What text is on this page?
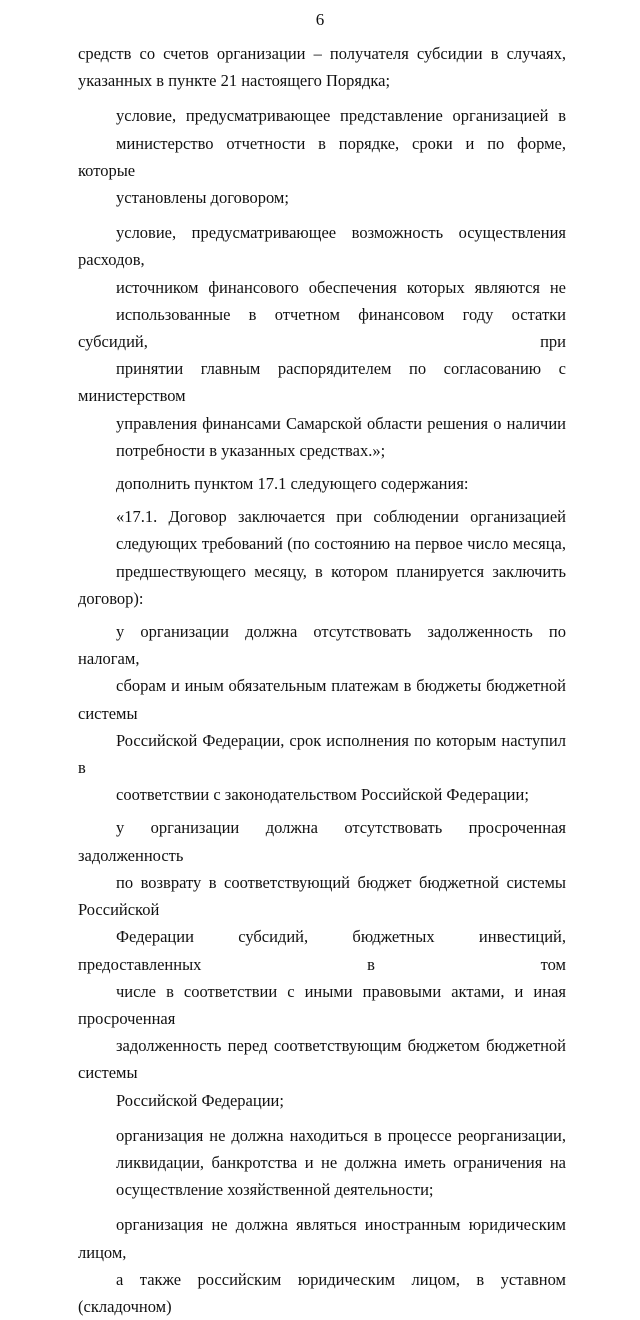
6
средств со счетов организации – получателя субсидии в случаях,
указанных в пункте 21 настоящего Порядка;
условие, предусматривающее представление организацией в
министерство отчетности в порядке, сроки и по форме, которые
установлены договором;
условие, предусматривающее возможность осуществления расходов,
источником финансового обеспечения которых являются не
использованные в отчетном финансовом году остатки субсидий, при
принятии главным распорядителем по согласованию с министерством
управления финансами Самарской области решения о наличии
потребности в указанных средствах.»;
дополнить пунктом 17.1 следующего содержания:
«17.1. Договор заключается при соблюдении организацией
следующих требований (по состоянию на первое число месяца,
предшествующего месяцу, в котором планируется заключить договор):
у организации должна отсутствовать задолженность по налогам,
сборам и иным обязательным платежам в бюджеты бюджетной системы
Российской Федерации, срок исполнения по которым наступил в
соответствии с законодательством Российской Федерации;
у организации должна отсутствовать просроченная задолженность
по возврату в соответствующий бюджет бюджетной системы Российской
Федерации субсидий, бюджетных инвестиций, предоставленных в том
числе в соответствии с иными правовыми актами, и иная просроченная
задолженность перед соответствующим бюджетом бюджетной системы
Российской Федерации;
организация не должна находиться в процессе реорганизации,
ликвидации, банкротства и не должна иметь ограничения на
осуществление хозяйственной деятельности;
организация не должна являться иностранным юридическим лицом,
а также российским юридическим лицом, в уставном (складочном)
